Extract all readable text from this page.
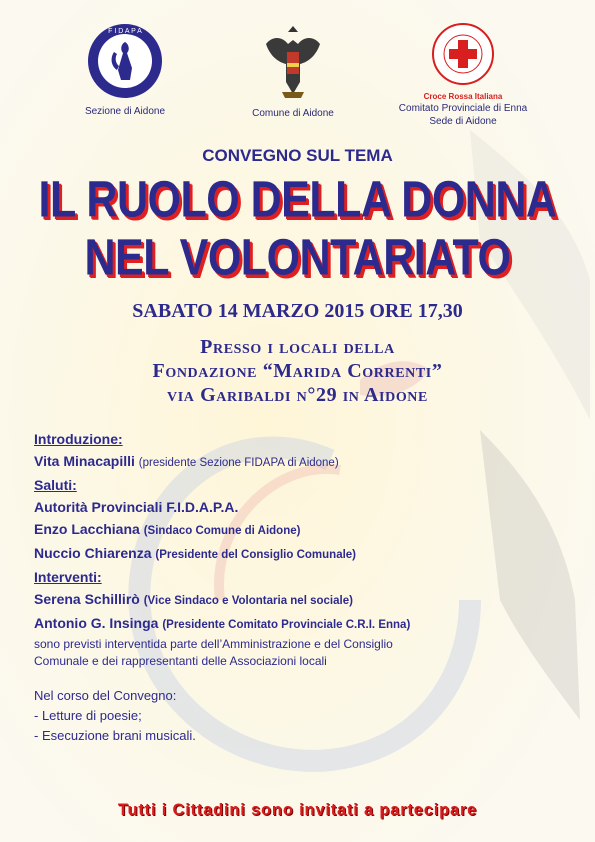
F I D A P A
Sezione di Aidone	Comune di Aidone
Croce Rossa Italiana
Comitato Provinciale di Enna
Sede di Aidone
CONVEGNO SUL TEMA
IL RUOLO DELLA DONNA
NEL VOLONTARIATO
SABATO 14 MARZO 2015 ORE 17,30
Presso i locali della
Fondazione “Marida Correnti”
via Garibaldi n°29 in Aidone
Introduzione:
Vita Minacapilli (presidente Sezione FIDAPA di Aidone)
Saluti:
Autorità Provinciali F.I.D.A.P.A.
Enzo Lacchiana (Sindaco Comune di Aidone)
Nuccio Chiarenza (Presidente del Consiglio Comunale)
Interventi:
Serena Schillirò (Vice Sindaco e Volontaria nel sociale)
Antonio G. Insinga (Presidente Comitato Provinciale C.R.I. Enna)
sono previsti interventida parte dell’Amministrazione e del Consiglio
Comunale e dei rappresentanti delle Associazioni locali
Nel corso del Convegno:
- Letture di poesie;
- Esecuzione brani musicali.
Tutti i Cittadini sono invitati a partecipare
